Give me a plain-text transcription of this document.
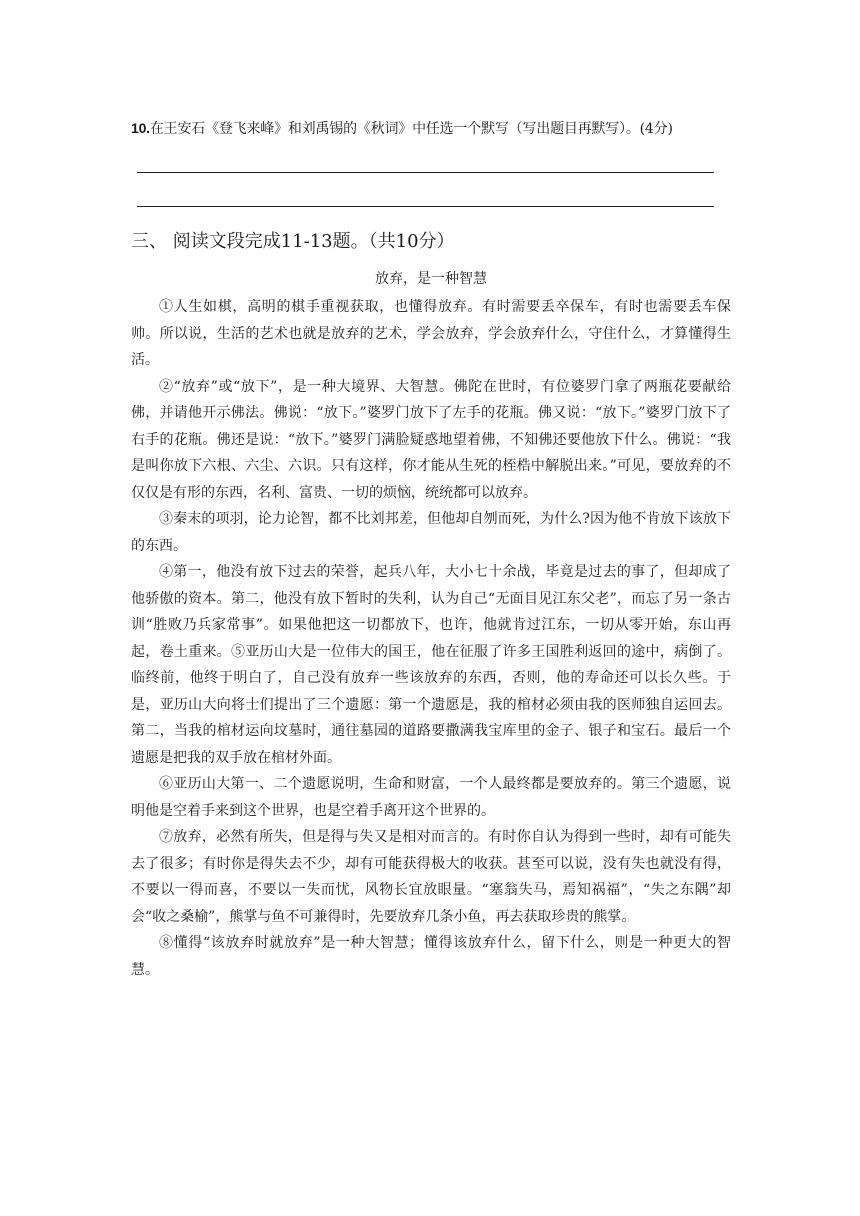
10.在王安石《登飞来峰》和刘禹锡的《秋词》中任选一个默写（写出题目再默写）。(4分)
三、 阅读文段完成11-13题。（共10分）
放弃，是一种智慧

①人生如棋，高明的棋手重视获取，也懂得放弃。有时需要丢卒保车，有时也需要丢车保帅。所以说，生活的艺术也就是放弃的艺术，学会放弃，学会放弃什么，守住什么，才算懂得生活。

②“放弃”或“放下”，是一种大境界、大智慧。佛陀在世时，有位婆罗门拿了两瓶花要献给佛，并请他开示佛法。佛说：“放下。”婆罗门放下了左手的花瓶。佛又说：“放下。”婆罗门放下了右手的花瓶。佛还是说：“放下。”婆罗门满脸疑惑地望着佛，不知佛还要他放下什么。佛说：“我是叫你放下六根、六尘、六识。只有这样，你才能从生死的桎梏中解脱出来。”可见，要放弃的不仅仅是有形的东西，名利、富贵、一切的烦恼，统统都可以放弃。

③秦末的项羽，论力论智，都不比刘邦差，但他却自刎而死，为什么?因为他不肯放下该放下的东西。

④第一，他没有放下过去的荣誉，起兵八年，大小七十余战，毕竟是过去的事了，但却成了他骄傲的资本。第二，他没有放下暂时的失利，认为自己“无面目见江东父老”，而忘了另一条古训“胜败乃兵家常事”。如果他把这一切都放下，也许，他就肯过江东，一切从零开始，东山再起，卷土重来。⑤亚历山大是一位伟大的国王，他在征服了许多王国胜利返回的途中，病倒了。临终前，他终于明白了，自己没有放弃一些该放弃的东西，否则，他的寿命还可以长久些。于是，亚历山大向将士们提出了三个遗愿：第一个遗愿是，我的棺材必须由我的医师独自运回去。第二，当我的棺材运向坟墓时，通往墓园的道路要撒满我宝库里的金子、银子和宝石。最后一个遗愿是把我的双手放在棺材外面。

⑥亚历山大第一、二个遗愿说明，生命和财富，一个人最终都是要放弃的。第三个遗愿，说明他是空着手来到这个世界，也是空着手离开这个世界的。

⑦放弃，必然有所失，但是得与失又是相对而言的。有时你自认为得到一些时，却有可能失去了很多；有时你是得失去不少，却有可能获得极大的收获。甚至可以说，没有失也就没有得，不要以一得而喜，不要以一失而忧，风物长宜放眼量。“塞翁失马，焉知祸福”，“失之东隅”却会“收之桑榆”，熊掌与鱼不可兼得时，先要放弃几条小鱼，再去获取珍贵的熊掌。

⑧懂得“该放弃时就放弃”是一种大智慧；懂得该放弃什么，留下什么，则是一种更大的智慧。
